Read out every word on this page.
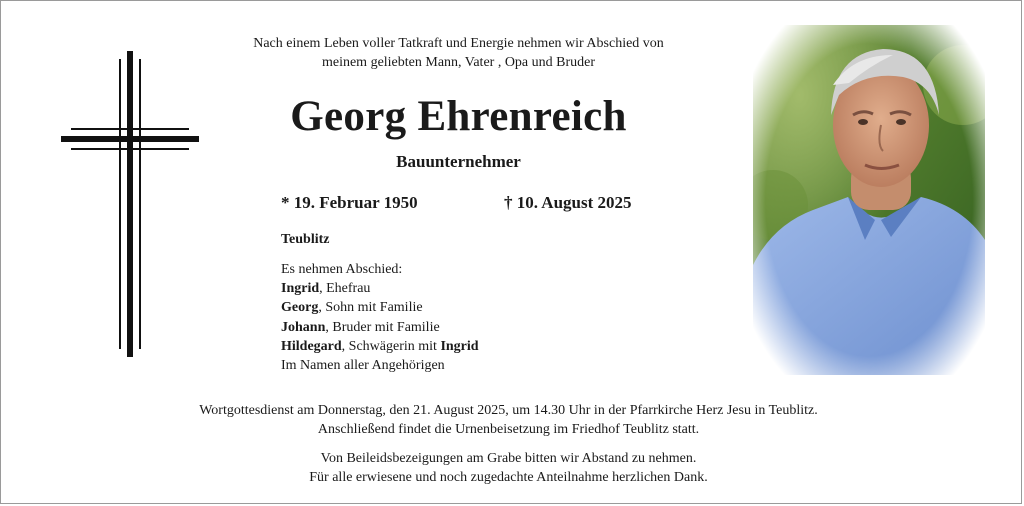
Nach einem Leben voller Tatkraft und Energie nehmen wir Abschied von
meinem geliebten Mann, Vater , Opa und Bruder
Georg Ehrenreich
Bauunternehmer
* 19. Februar 1950	† 10. August 2025
Teublitz
Es nehmen Abschied:
Ingrid, Ehefrau
Georg, Sohn mit Familie
Johann, Bruder mit Familie
Hildegard, Schwägerin mit Ingrid
Im Namen aller Angehörigen
Wortgottesdienst am Donnerstag, den 21. August 2025, um 14.30 Uhr in der Pfarrkirche Herz Jesu in Teublitz.
Anschließend findet die Urnenbeisetzung im Friedhof Teublitz statt.
Von Beileidsbezeigungen am Grabe bitten wir Abstand zu nehmen.
Für alle erwiesene und noch zugedachte Anteilnahme herzlichen Dank.
